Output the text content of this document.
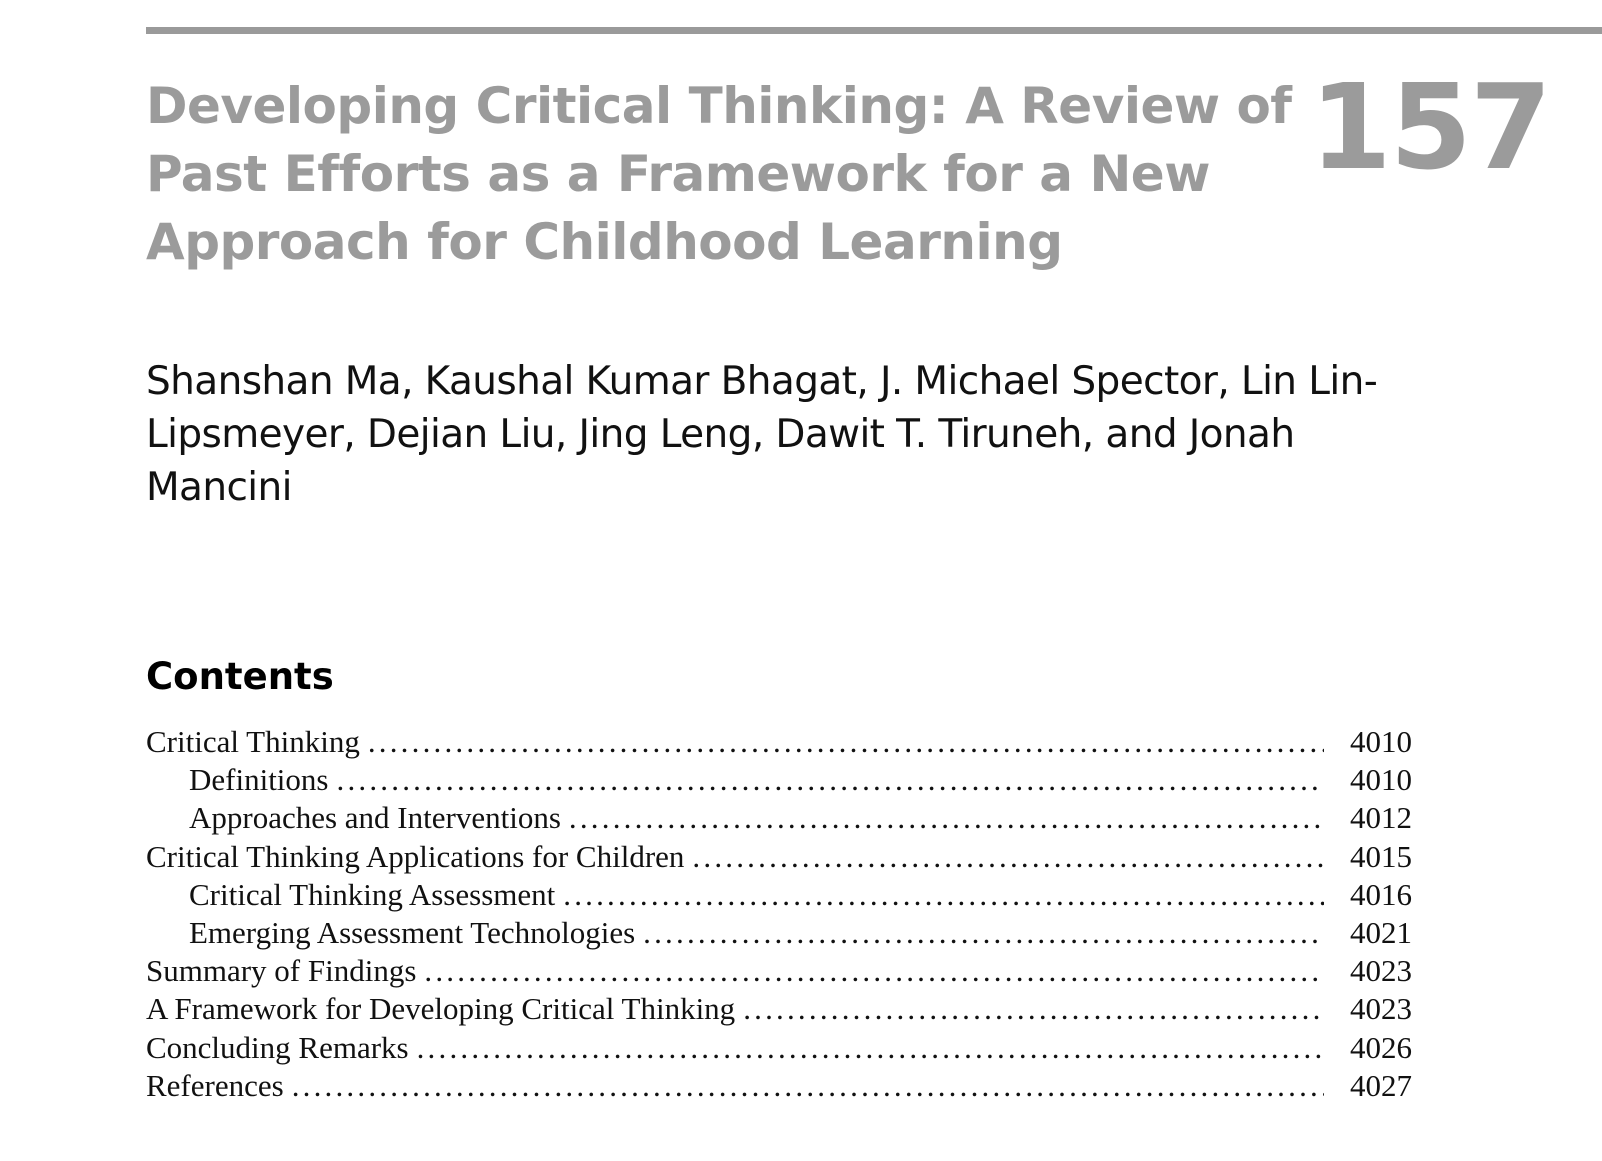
Developing Critical Thinking: A Review of Past Efforts as a Framework for a New Approach for Childhood Learning
157

Shanshan Ma, Kaushal Kumar Bhagat, J. Michael Spector, Lin Lin-Lipsmeyer, Dejian Liu, Jing Leng, Dawit T. Tiruneh, and Jonah Mancini

Contents
Critical Thinking .....	4010
Definitions .....	4010
Approaches and Interventions .....	4012
Critical Thinking Applications for Children .....	4015
Critical Thinking Assessment .....	4016
Emerging Assessment Technologies .....	4021
Summary of Findings .....	4023
A Framework for Developing Critical Thinking .....	4023
Concluding Remarks .....	4026
References .....	4027
